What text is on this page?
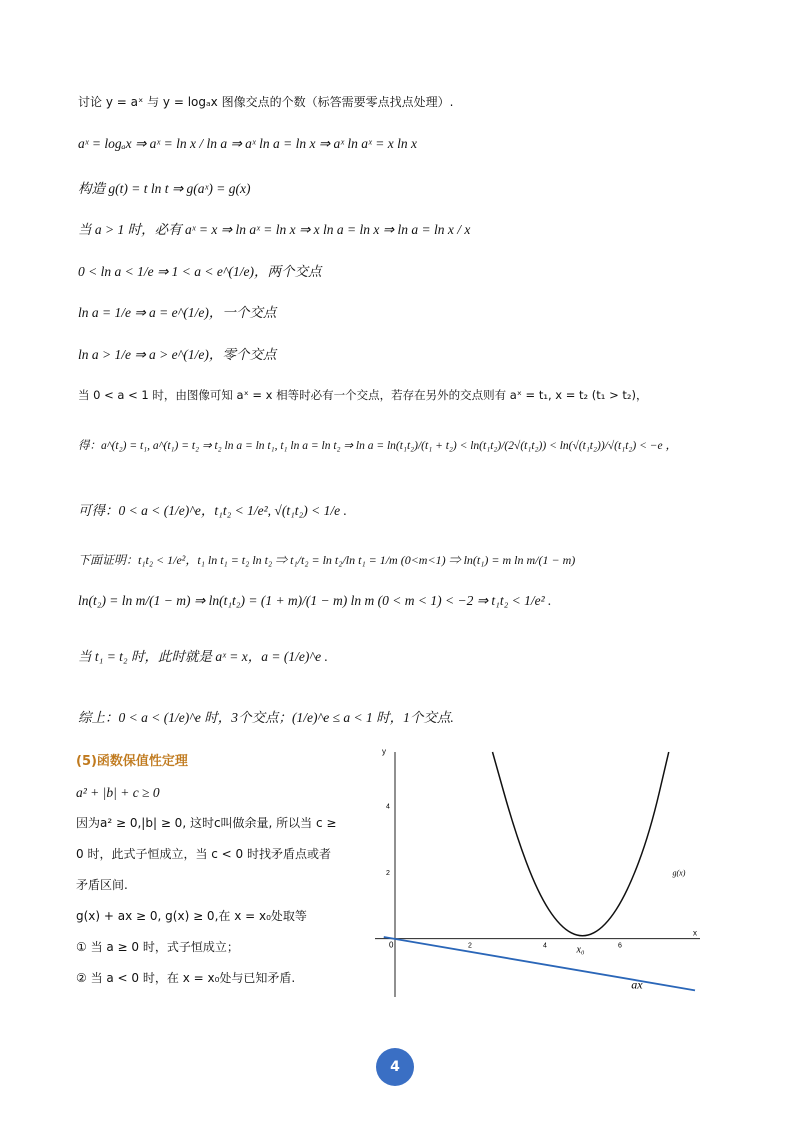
讨论 y = aˣ 与 y = logₐx 图像交点的个数（标答需要零点找点处理）.
aˣ = logₐx ⇒ aˣ = ln x / ln a ⇒ aˣ ln a = ln x ⇒ aˣ ln aˣ = x ln x
构造 g(t) = t ln t ⇒ g(aˣ) = g(x)
当 a > 1 时，必有 aˣ = x ⇒ ln aˣ = ln x ⇒ x ln a = ln x ⇒ ln a = ln x / x
0 < ln a < 1/e ⇒ 1 < a < e^(1/e)，两个交点
ln a = 1/e ⇒ a = e^(1/e)，一个交点
ln a > 1/e ⇒ a > e^(1/e)，零个交点
当 0 < a < 1 时，由图像可知 aˣ = x 相等时必有一个交点，若存在另外的交点则有 aˣ = t₁, x = t₂ (t₁ > t₂)，
得：a^(t₂) = t₁, a^(t₁) = t₂ ⇒ t₂ ln a = ln t₁, t₁ ln a = ln t₂ ⇒ ln a = ln(t₁t₂)/(t₁ + t₂) < ln(t₁t₂)/(2√(t₁t₂)) < ln(√(t₁t₂))/√(t₁t₂) < −e ，
可得：0 < a < (1/e)^e，t₁t₂ < 1/e², √(t₁t₂) < 1/e .
下面证明：t₁t₂ < 1/e²，t₁ ln t₁ = t₂ ln t₂ ⇒ t₁/t₂ = ln t₂/ln t₁ = 1/m (0<m<1) ⇒ ln(t₁) = m ln m/(1 − m)
ln(t₂) = ln m/(1 − m) ⇒ ln(t₁t₂) = (1 + m)/(1 − m) ln m (0 < m < 1) < −2 ⇒ t₁t₂ < 1/e² .
当 t₁ = t₂ 时，此时就是 aˣ = x，a = (1/e)^e .
综上：0 < a < (1/e)^e 时，3个交点；(1/e)^e ≤ a < 1 时，1个交点.
(5)函数保值性定理
a² + |b| + c ≥ 0
因为a² ≥ 0,|b| ≥ 0, 这时c叫做余量, 所以当 c ≥
0 时，此式子恒成立，当 c < 0 时找矛盾点或者
矛盾区间.
g(x) + ax ≥ 0, g(x) ≥ 0,在 x = x₀处取等
① 当 a ≥ 0 时，式子恒成立；
② 当 a < 0 时，在 x = x₀处与已知矛盾.
x
y
0	2	4	6
2
4
g(x)
ax
x₀
4
